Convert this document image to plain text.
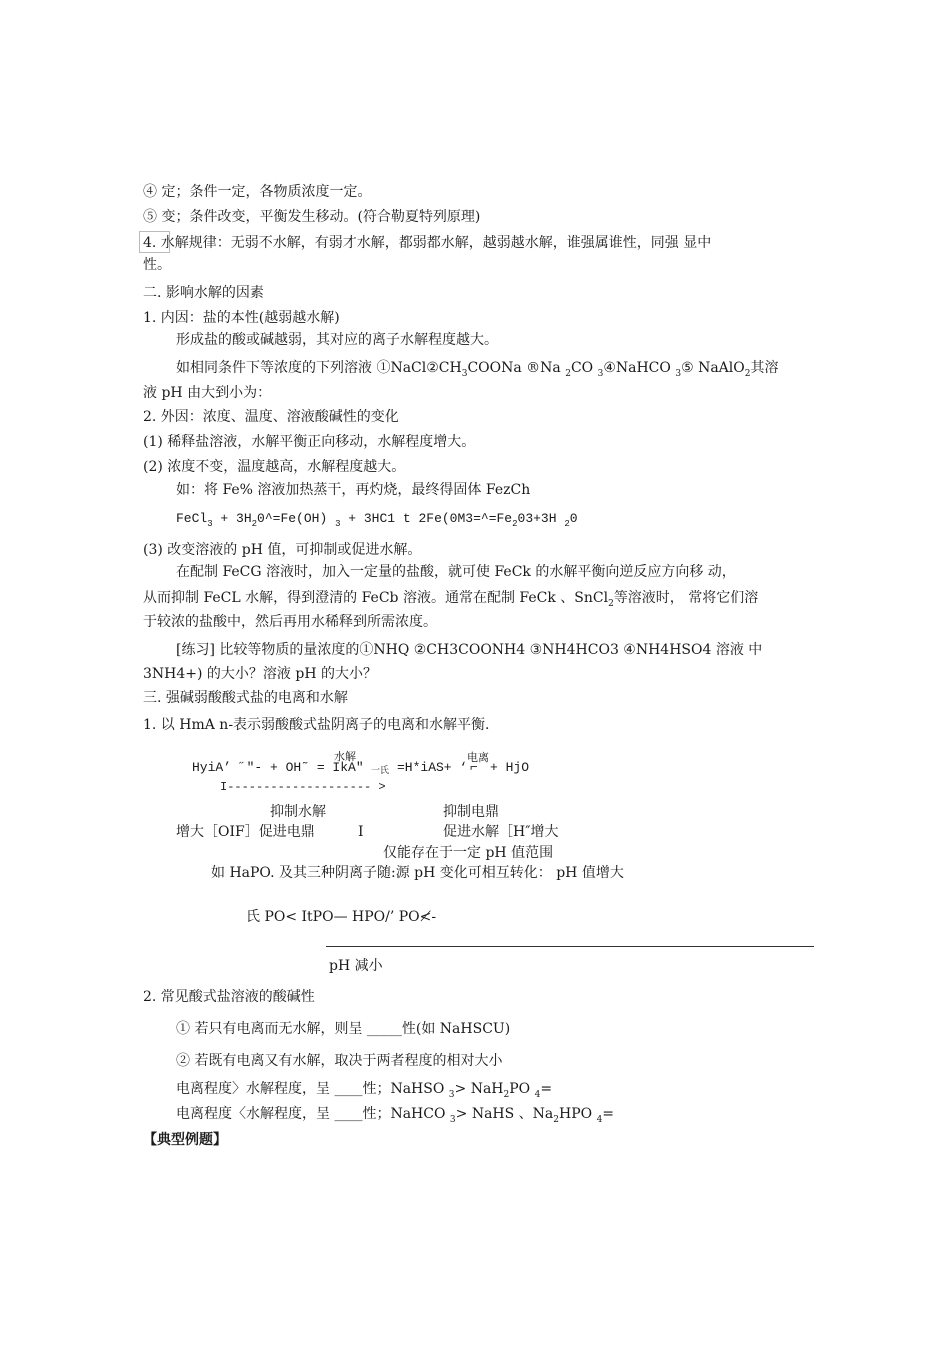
④ 定；条件一定，各物质浓度一定。
⑤ 变；条件改变，平衡发生移动。(符合勒夏特列原理)
4. 水解规律：无弱不水解，有弱才水解，都弱都水解，越弱越水解，谁强属谁性，同强 显中
性。
二. 影响水解的因素
1. 内因：盐的本性(越弱越水解)
形成盐的酸或碱越弱，其对应的离子水解程度越大。
如相同条件下等浓度的下列溶液 $①NaCl②CH_3COONa$ ®Na $_2$CO $_3$④NaHCO $_3$⑤ NaAlO$_2$其溶
液 pH 由大到小为：
2. 外因：浓度、温度、溶液酸碱性的变化
(1) 稀释盐溶液，水解平衡正向移动，水解程度增大。
(2) 浓度不变，温度越高，水解程度越大。
如：将 Fe% 溶液加热蒸干，再灼烧，最终得固体 FezCh
FeCl$_3$ + $3H_20\^{}=Fe(OH) _3 + 3HC1$ t $2Fe(0M3=\^{}=Fe_203+3H$ $_2$0
(3) 改变溶液的 pH 值，可抑制或促进水解。
在配制 FeCG 溶液时，加入一定量的盐酸，就可使 FeCk 的水解平衡向逆反应方向移 动，
从而抑制 FeCL 水解，得到澄清的 FeCb 溶液。通常在配制 FeCk 、SnCl$_2$等溶液时， 常将它们溶
于较浓的盐酸中，然后再用水稀释到所需浓度。
[练习] 比较等物质的量浓度的①NHQ ②CH3COONH4 ③NH4HCO3 ④NH4HSO4 溶液 中
3NH4+) 的大小？溶液 pH 的大小？
三. 强碱弱酸酸式盐的电离和水解
1. 以 HmA n-表示弱酸酸式盐阴离子的电离和水解平衡.
水解	电离
HyiA’ ˝″- + OH˜ = IkA″ 一氏 =H*iAS+ ‘ ⌐ + HjO
I-------------------- >
抑制水解	抑制电鼎
增大［OIF］促进电鼎	I	促进水解［H″增大
仅能存在于一定 pH 值范围
如 HaPO. 及其三种阴离子随:源 pH 变化可相互转化： pH 值增大
氏 PO< ItPO— HPO/’ PO≮-
pH 减小
2. 常见酸式盐溶液的酸碱性
① 若只有电离而无水解，则呈 _____性(如 NaHSCU)
② 若既有电离又有水解，取决于两者程度的相对大小
电离程度〉水解程度，呈 ____性；NaHSO $_3$> NaH$_2$PO $_4$=
电离程度〈水解程度，呈 ____性；NaHCO $_3$> NaHS 、$Na_2HPO$ $_4$=
【典型例题】
